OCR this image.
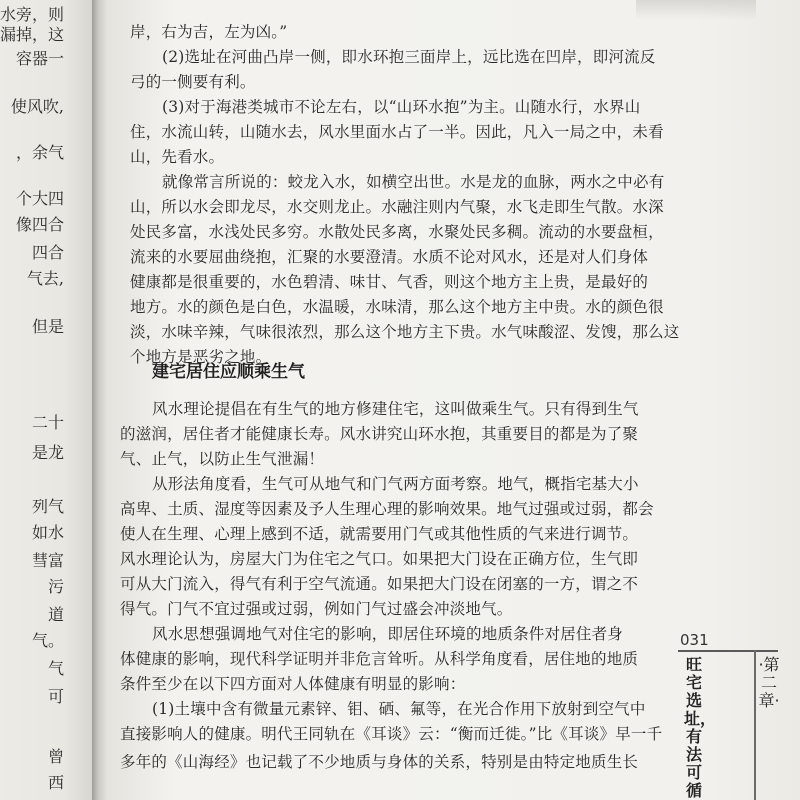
水旁，则
漏掉，这
容器一
使风吹,
，余气
个大四
像四合
四合
气去,
但是
二十
是龙
列气
如水
彗富
污
道
气。
气
可
曾
西
岸，右为吉，左为凶。”
(2)选址在河曲凸岸一侧，即水环抱三面岸上，远比选在凹岸，即河流反
弓的一侧要有利。
(3)对于海港类城市不论左右，以“山环水抱”为主。山随水行，水界山
住，水流山转，山随水去，风水里面水占了一半。因此，凡入一局之中，未看
山，先看水。
就像常言所说的：蛟龙入水，如横空出世。水是龙的血脉，两水之中必有
山，所以水会即龙尽，水交则龙止。水融注则内气聚，水飞走即生气散。水深
处民多富，水浅处民多穷。水散处民多离，水聚处民多稠。流动的水要盘桓，
流来的水要屈曲绕抱，汇聚的水要澄清。水质不论对风水，还是对人们身体
健康都是很重要的，水色碧清、味甘、气香，则这个地方主上贵，是最好的
地方。水的颜色是白色，水温暖，水味清，那么这个地方主中贵。水的颜色很
淡，水味辛辣，气味很浓烈，那么这个地方主下贵。水气味酸涩、发馊，那么这
个地方是恶劣之地。
风水理论提倡在有生气的地方修建住宅，这叫做乘生气。只有得到生气
的滋润，居住者才能健康长寿。风水讲究山环水抱，其重要目的都是为了聚
气、止气，以防止生气泄漏！
从形法角度看，生气可从地气和门气两方面考察。地气，概指宅基大小
高卑、土质、湿度等因素及予人生理心理的影响效果。地气过强或过弱，都会
使人在生理、心理上感到不适，就需要用门气或其他性质的气来进行调节。
风水理论认为，房屋大门为住宅之气口。如果把大门设在正确方位，生气即
可从大门流入，得气有利于空气流通。如果把大门设在闭塞的一方，谓之不
得气。门气不宜过强或过弱，例如门气过盛会冲淡地气。
风水思想强调地气对住宅的影响，即居住环境的地质条件对居住者身
体健康的影响，现代科学证明并非危言耸听。从科学角度看，居住地的地质
条件至少在以下四方面对人体健康有明显的影响：
(1)土壤中含有微量元素锌、钼、硒、氟等，在光合作用下放射到空气中
直接影响人的健康。明代王同轨在《耳谈》云：“衡而迁徙。”比《耳谈》早一千
多年的《山海经》也记载了不少地质与身体的关系，特别是由特定地质生长
建宅居住应顺乘生气
031
·第二章·
旺宅选址，有法可循
